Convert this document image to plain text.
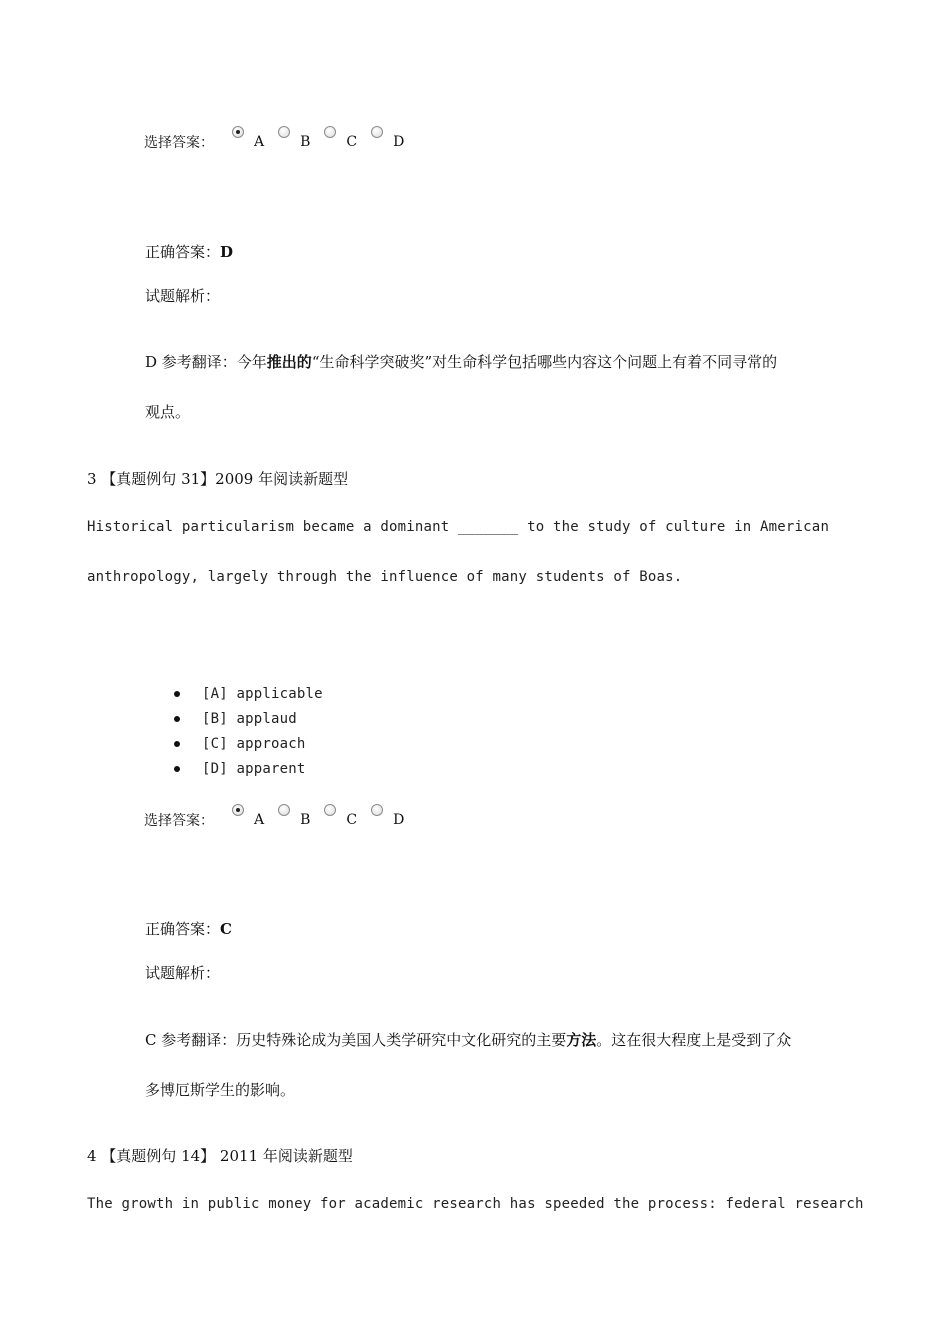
选择答案：	A	B	C	D
正确答案：D
试题解析：
D 参考翻译：今年推出的“生命科学突破奖”对生命科学包括哪些内容这个问题上有着不同寻常的
观点。
3 【真题例句 31】2009 年阅读新题型
Historical particularism became a dominant _______ to the study of culture in American
anthropology, largely through the influence of many students of Boas.
[A] applicable
[B] applaud
[C] approach
[D] apparent
选择答案：	A	B	C	D
正确答案：C
试题解析：
C 参考翻译：历史特殊论成为美国人类学研究中文化研究的主要方法。这在很大程度上是受到了众
多博厄斯学生的影响。
4 【真题例句 14】 2011 年阅读新题型
The growth in public money for academic research has speeded the process: federal research
